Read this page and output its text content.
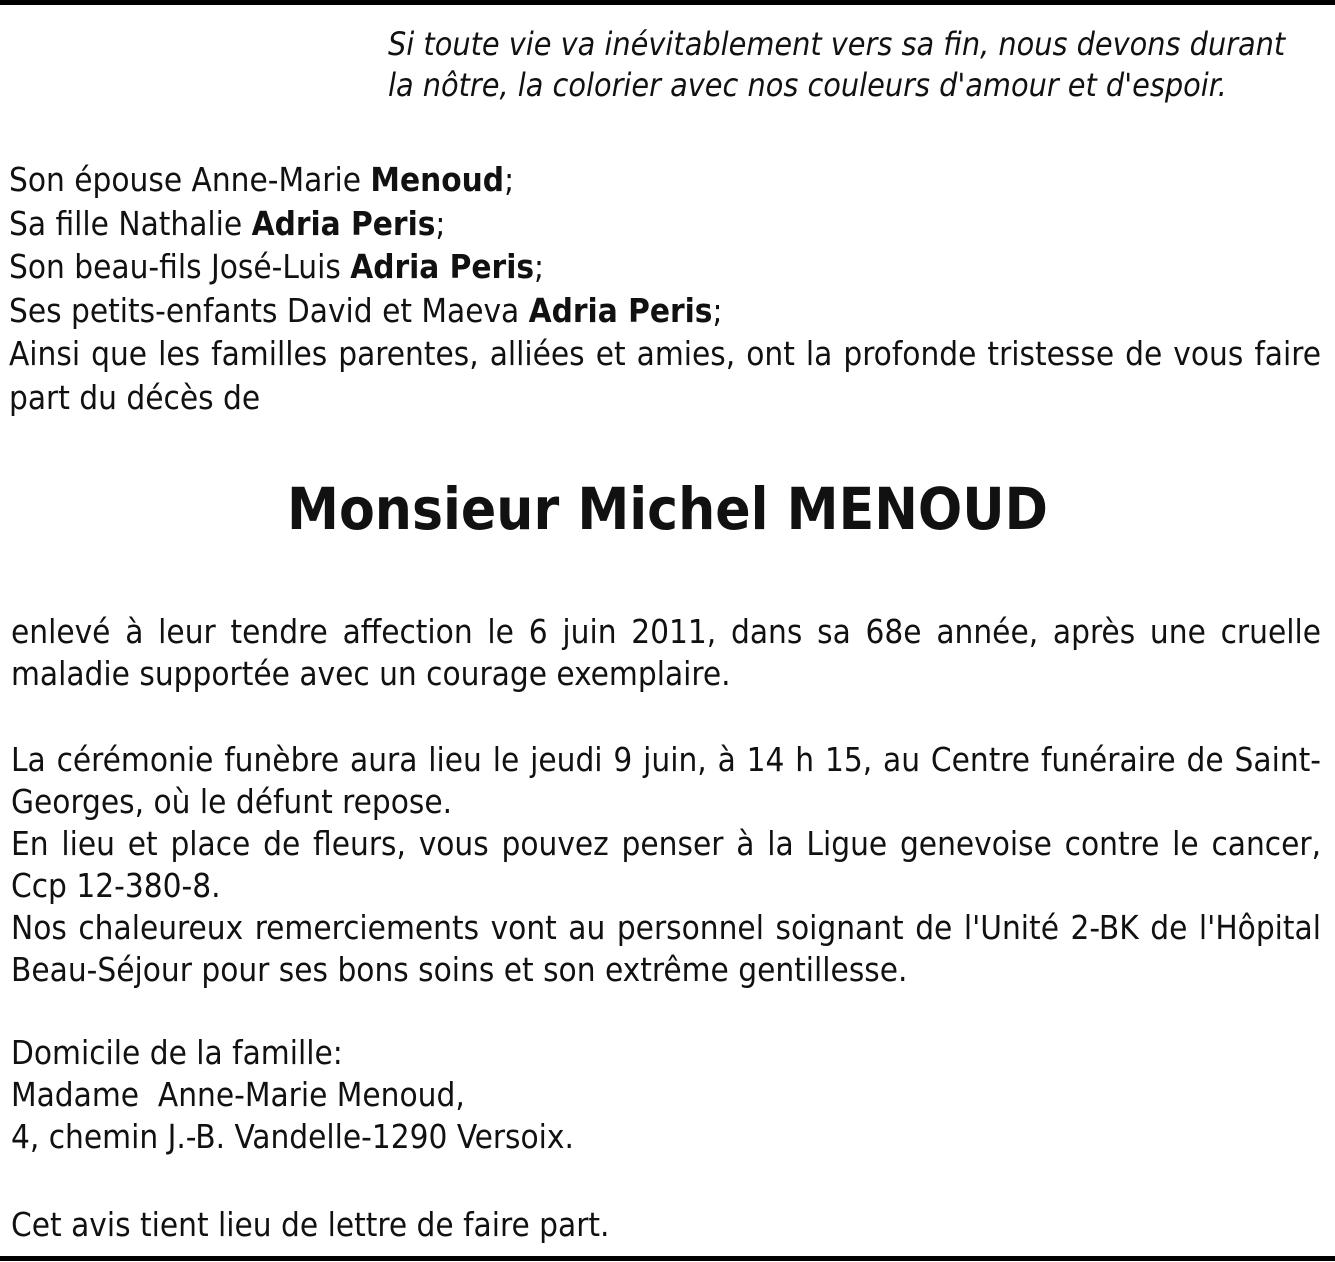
Si toute vie va inévitablement vers sa fin, nous devons durant
la nôtre, la colorier avec nos couleurs d'amour et d'espoir.
Son épouse Anne-Marie Menoud;
Sa fille Nathalie Adria Peris;
Son beau-fils José-Luis Adria Peris;
Ses petits-enfants David et Maeva Adria Peris;
Ainsi que les familles parentes, alliées et amies, ont la profonde tristesse de vous faire part du décès de
Monsieur Michel MENOUD

enlevé à leur tendre affection le 6 juin 2011, dans sa 68e année, après une cruelle maladie supportée avec un courage exemplaire.

La cérémonie funèbre aura lieu le jeudi 9 juin, à 14 h 15, au Centre funéraire de Saint-Georges, où le défunt repose.

En lieu et place de fleurs, vous pouvez penser à la Ligue genevoise contre le cancer, Ccp 12-380-8.

Nos chaleureux remerciements vont au personnel soignant de l'Unité 2-BK de l'Hôpital Beau-Séjour pour ses bons soins et son extrême gentillesse.

Domicile de la famille:
Madame  Anne-Marie Menoud,
4, chemin J.-B. Vandelle-1290 Versoix.
Cet avis tient lieu de lettre de faire part.
